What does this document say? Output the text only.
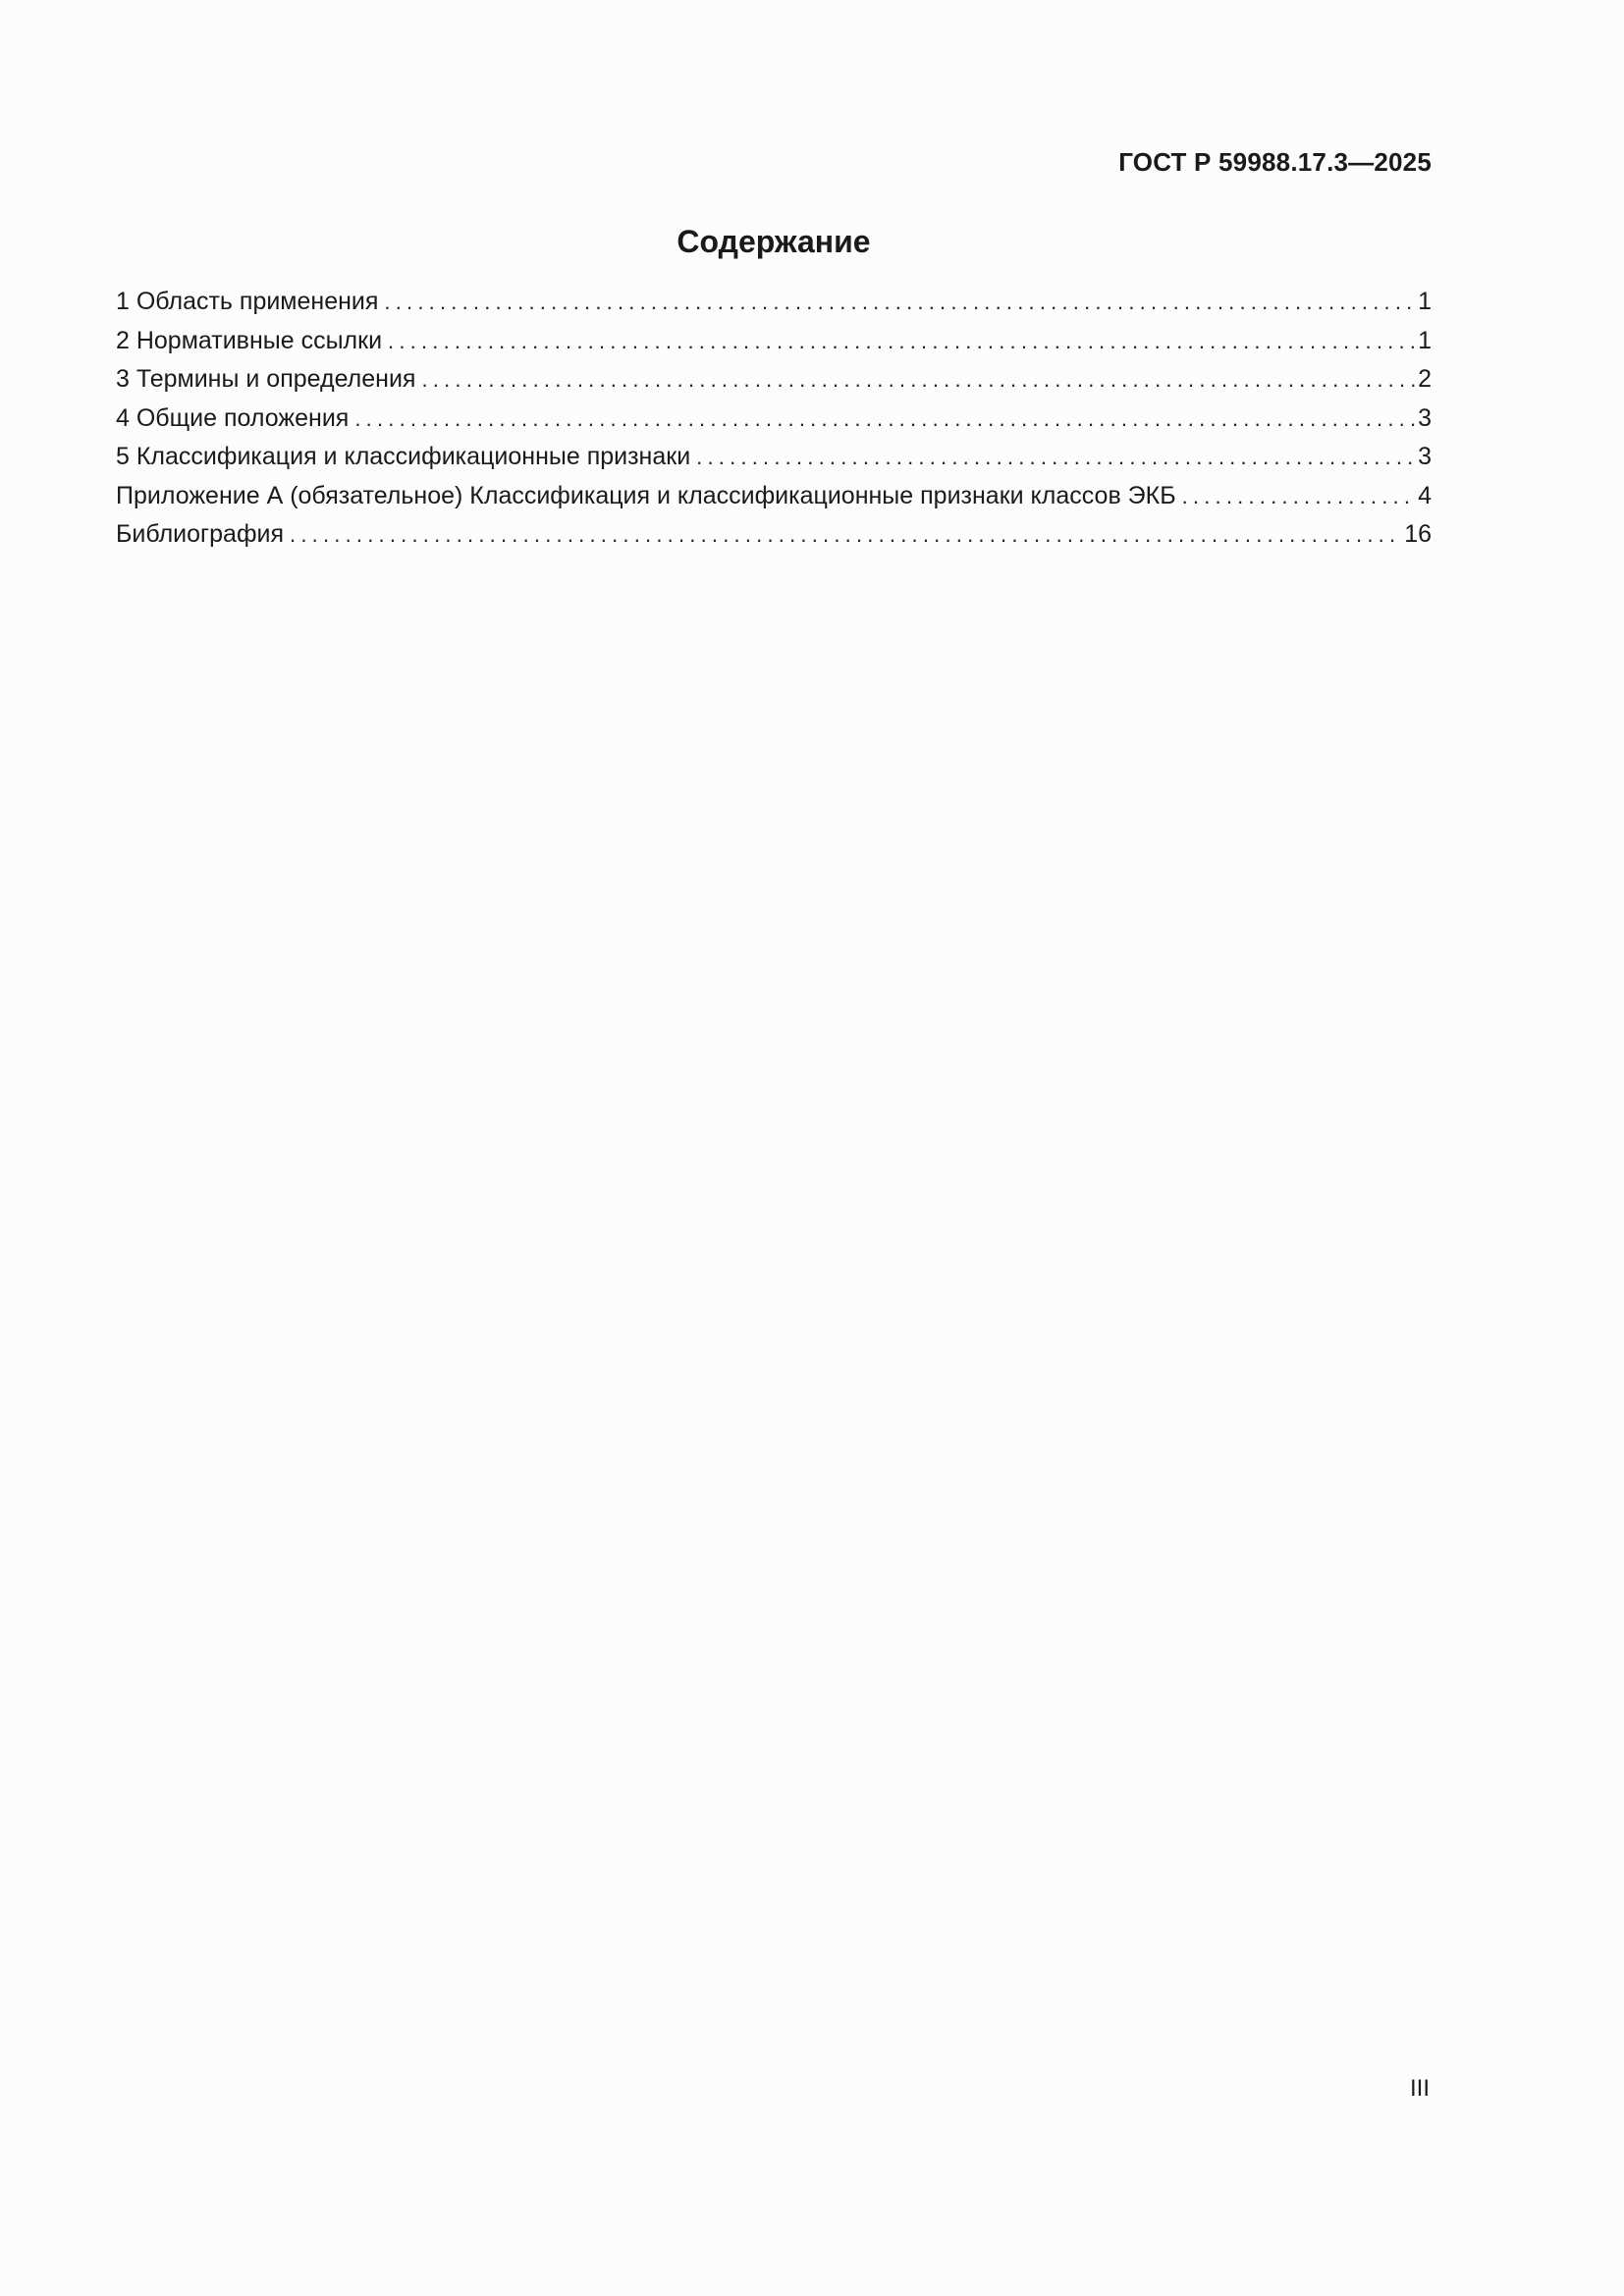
ГОСТ Р 59988.17.3—2025
Содержание
1 Область применения .....	1
2 Нормативные ссылки .....	1
3 Термины и определения .....	2
4 Общие положения .....	3
5 Классификация и классификационные признаки .....	3
Приложение А (обязательное) Классификация и классификационные признаки классов ЭКБ .....	4
Библиография .....	16
III
